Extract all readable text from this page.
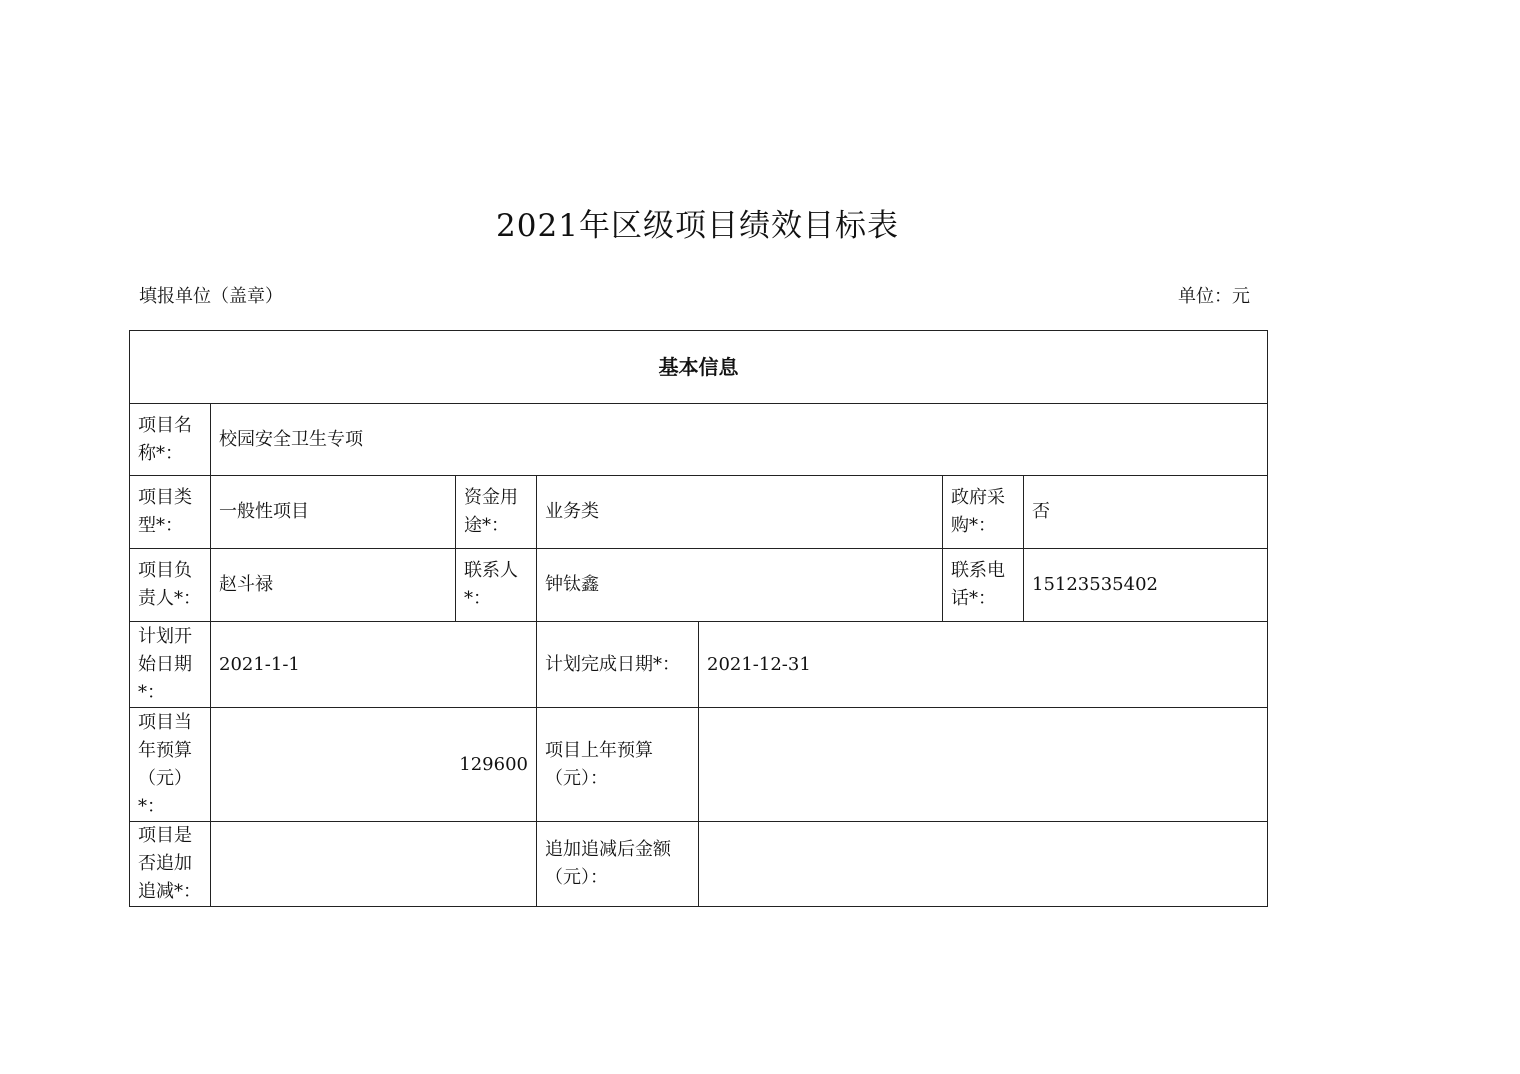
2021年区级项目绩效目标表
填报单位（盖章）	单位：元
基本信息						
项目名称*：	校园安全卫生专项					
项目类型*：	一般性项目	资金用途*：	业务类		政府采购*：	否
项目负责人*：	赵斗禄	联系人*：	钟钛鑫		联系电话*：	15123535402
计划开始日期*：	2021-1-1		计划完成日期*：	2021-12-31		
项目当年预算（元）*：	129600		项目上年预算（元）：			
项目是否追加追减*：			追加追减后金额（元）：			
